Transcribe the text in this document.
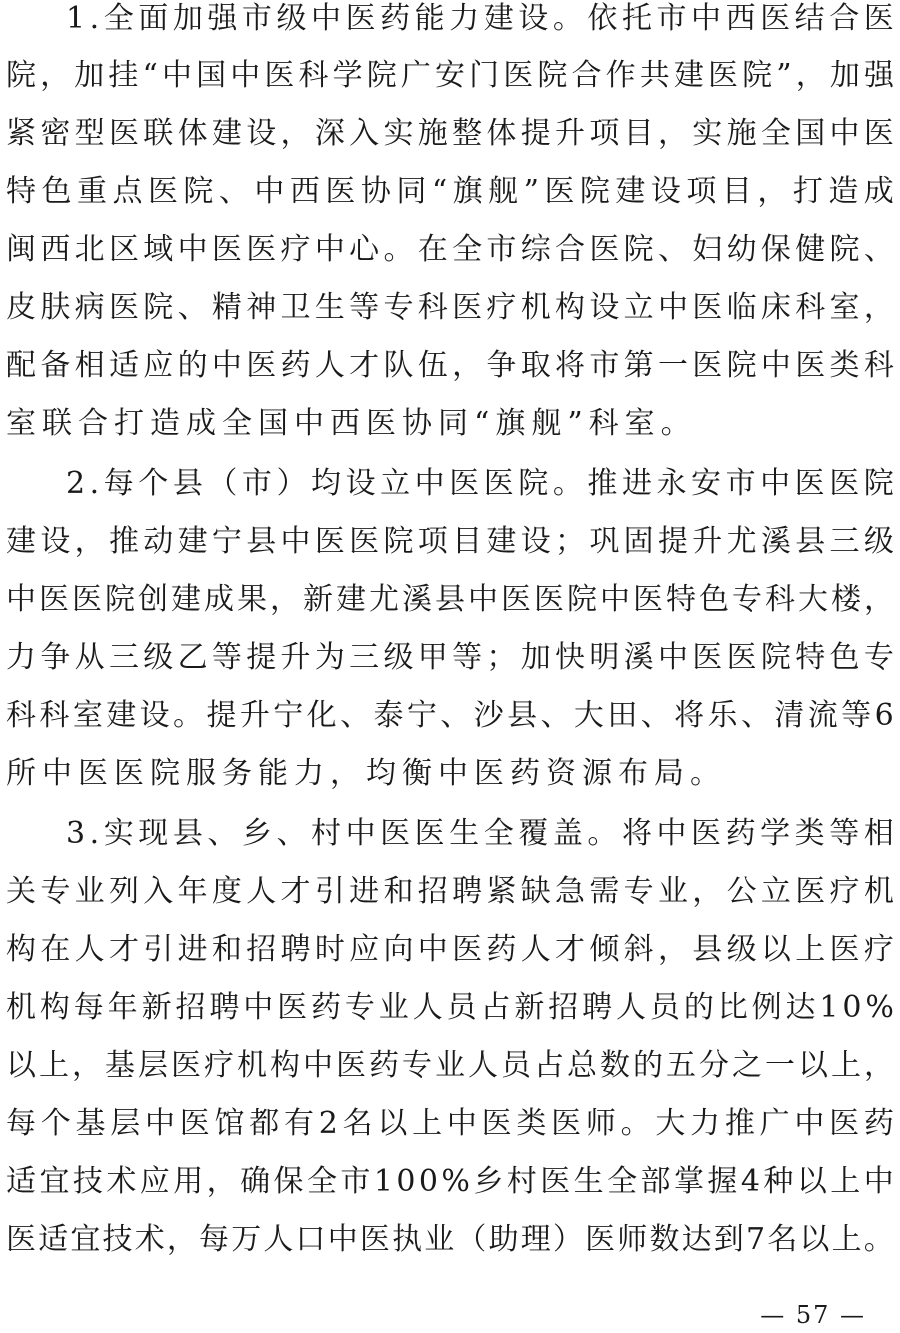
1 . 全 面 加 强 市 级 中 医 药 能 力 建 设 。 依 托 市 中 西 医 结 合 医
院 ， 加 挂 “ 中 国 中 医 科 学 院 广 安 门 医 院 合 作 共 建 医 院 ” ， 加 强
紧 密 型 医 联 体 建 设 ， 深 入 实 施 整 体 提 升 项 目 ， 实 施 全 国 中 医
特 色 重 点 医 院 、 中 西 医 协 同 “ 旗 舰 ” 医 院 建 设 项 目 ， 打 造 成
闽 西 北 区 域 中 医 医 疗 中 心 。 在 全 市 综 合 医 院 、 妇 幼 保 健 院 、
皮 肤 病 医 院 、 精 神 卫 生 等 专 科 医 疗 机 构 设 立 中 医 临 床 科 室 ，
配 备 相 适 应 的 中 医 药 人 才 队 伍 ， 争 取 将 市 第 一 医 院 中 医 类 科
室联合打造成全国中西医协同“旗舰”科室。
2 . 每 个 县 （ 市 ） 均 设 立 中 医 医 院 。 推 进 永 安 市 中 医 医 院
建 设 ， 推 动 建 宁 县 中 医 医 院 项 目 建 设 ； 巩 固 提 升 尤 溪 县 三 级
中 医 医 院 创 建 成 果 ， 新 建 尤 溪 县 中 医 医 院 中 医 特 色 专 科 大 楼 ，
力 争 从 三 级 乙 等 提 升 为 三 级 甲 等 ； 加 快 明 溪 中 医 医 院 特 色 专
科 科 室 建 设 。 提 升 宁 化 、 泰 宁 、 沙 县 、 大 田 、 将 乐 、 清 流 等 6
所中医医院服务能力，均衡中医药资源布局。
3 . 实 现 县 、 乡 、 村 中 医 医 生 全 覆 盖 。 将 中 医 药 学 类 等 相
关 专 业 列 入 年 度 人 才 引 进 和 招 聘 紧 缺 急 需 专 业 ， 公 立 医 疗 机
构 在 人 才 引 进 和 招 聘 时 应 向 中 医 药 人 才 倾 斜 ， 县 级 以 上 医 疗
机 构 每 年 新 招 聘 中 医 药 专 业 人 员 占 新 招 聘 人 员 的 比 例 达 1 0 %
以 上 ， 基 层 医 疗 机 构 中 医 药 专 业 人 员 占 总 数 的 五 分 之 一 以 上 ，
每 个 基 层 中 医 馆 都 有 2 名 以 上 中 医 类 医 师 。 大 力 推 广 中 医 药
适 宜 技 术 应 用 ， 确 保 全 市 1 0 0 % 乡 村 医 生 全 部 掌 握 4 种 以 上 中
医 适 宜 技 术 ， 每 万 人 口 中 医 执 业 （ 助 理 ） 医 师 数 达 到 7 名 以 上 。
— 57 —
